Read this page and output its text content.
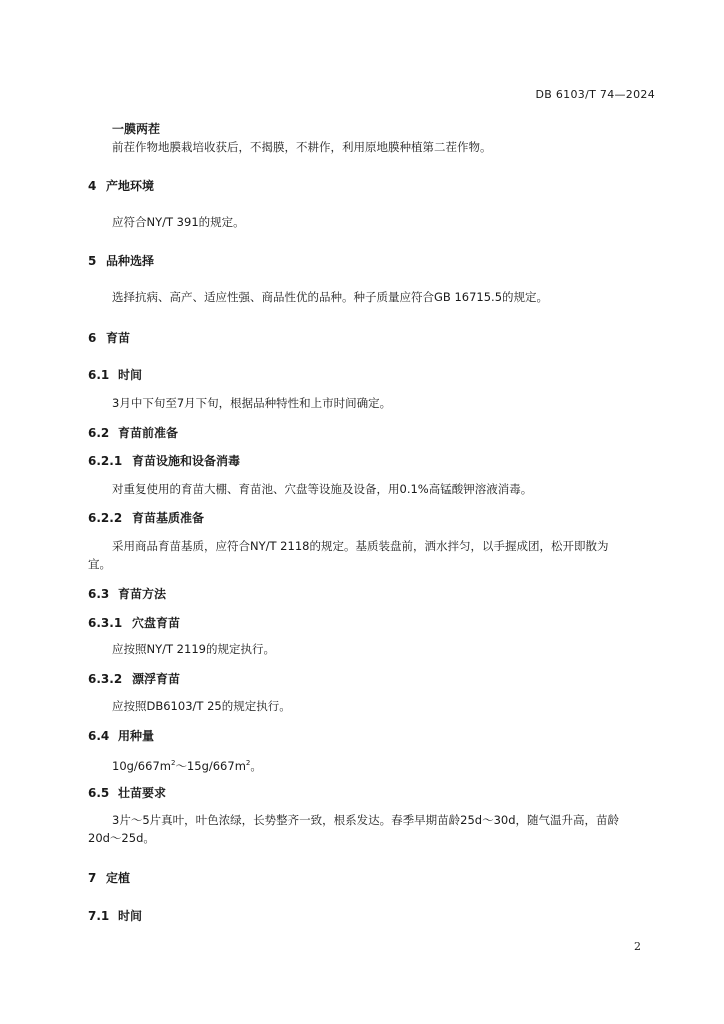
DB 6103/T 74—2024
一膜两茬
前茬作物地膜栽培收获后，不揭膜，不耕作，利用原地膜种植第二茬作物。
4 产地环境
应符合NY/T 391的规定。
5 品种选择
选择抗病、高产、适应性强、商品性优的品种。种子质量应符合GB 16715.5的规定。
6 育苗
6.1 时间
3月中下旬至7月下旬，根据品种特性和上市时间确定。
6.2 育苗前准备
6.2.1 育苗设施和设备消毒
对重复使用的育苗大棚、育苗池、穴盘等设施及设备，用0.1%高锰酸钾溶液消毒。
6.2.2 育苗基质准备
采用商品育苗基质，应符合NY/T 2118的规定。基质装盘前，洒水拌匀，以手握成团，松开即散为
宜。
6.3 育苗方法
6.3.1 穴盘育苗
应按照NY/T 2119的规定执行。
6.3.2 漂浮育苗
应按照DB6103/T 25的规定执行。
6.4 用种量
$10g/667m^2\sim 15g/667m^2$。
6.5 壮苗要求
3片～5片真叶，叶色浓绿，长势整齐一致，根系发达。春季早期苗龄25d～30d，随气温升高，苗龄
20d～25d。
7 定植
7.1 时间
2
